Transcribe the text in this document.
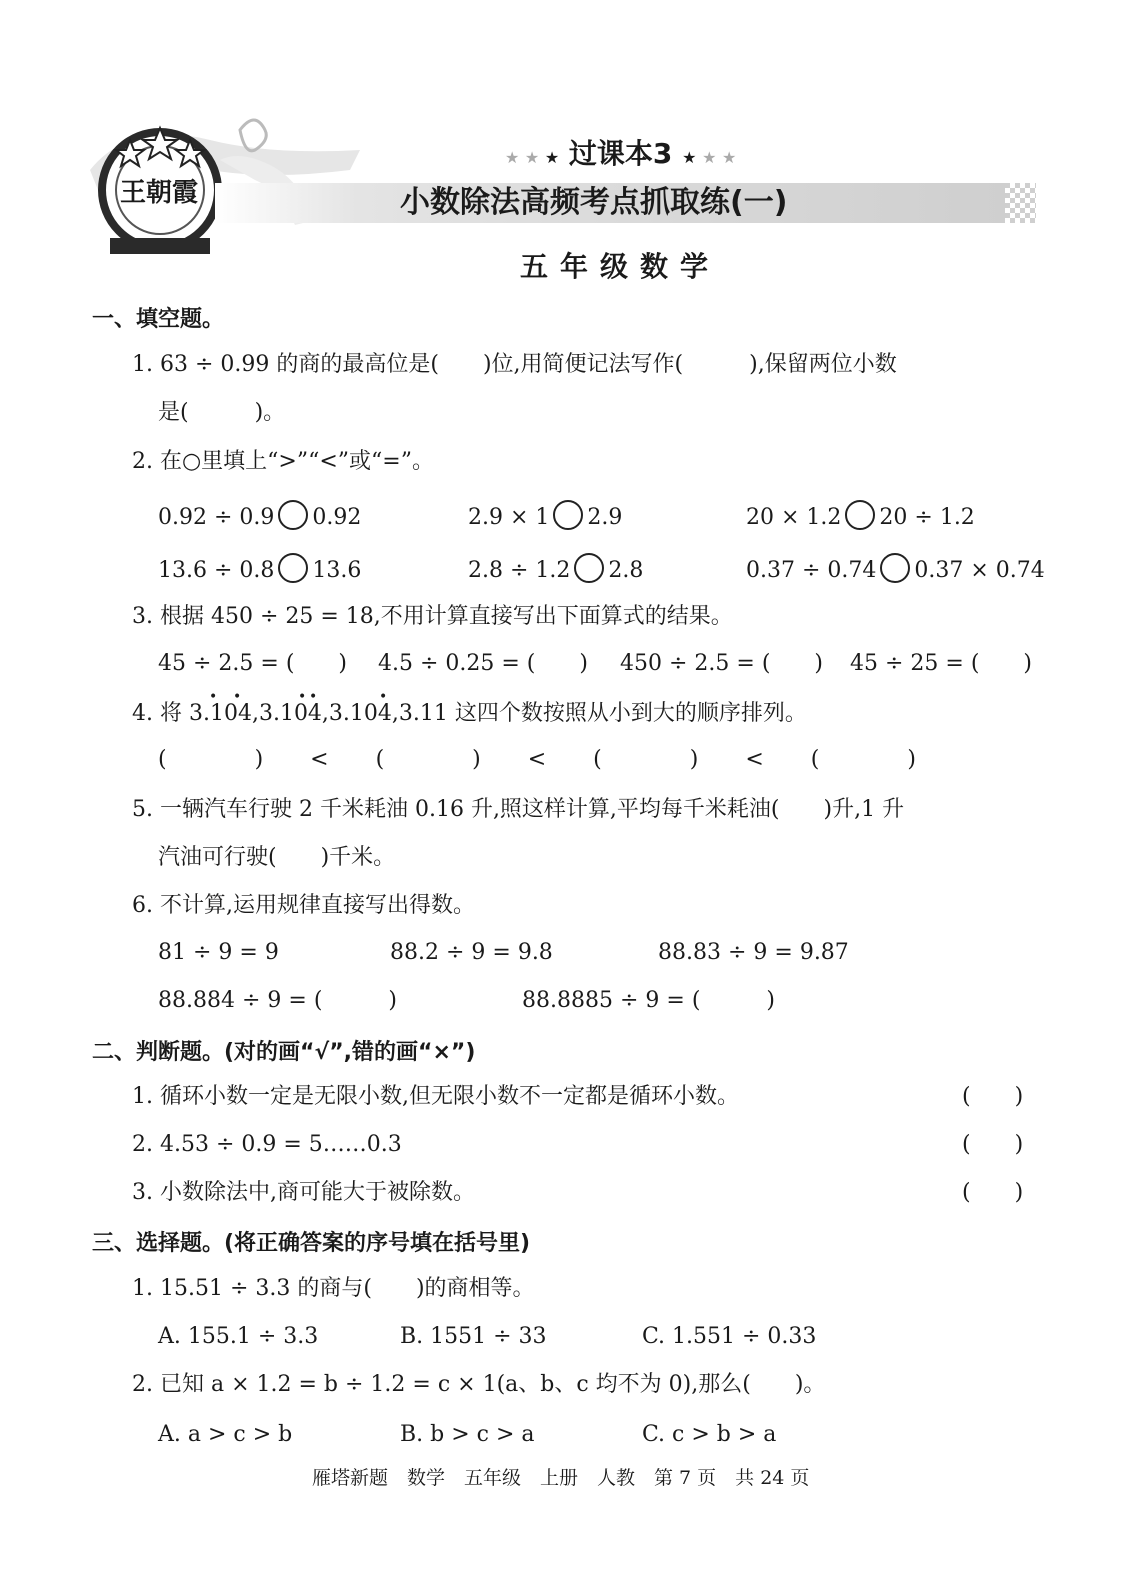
王朝霞
★ ★ ★ 过课本3 ★ ★ ★
小数除法高频考点抓取练(一)
五年级数学
一、填空题。
1. 63 ÷ 0.99 的商的最高位是(　　)位,用简便记法写作(　　　),保留两位小数
是(　　　)。
2. 在○里填上“>”“<”或“=”。
0.92 ÷ 0.9 0.92	2.9 × 1 2.9	20 × 1.2 20 ÷ 1.2
13.6 ÷ 0.8 13.6	2.8 ÷ 1.2 2.8	0.37 ÷ 0.74 0.37 × 0.74
3. 根据 450 ÷ 25 = 18,不用计算直接写出下面算式的结果。
45 ÷ 2.5 = (　　) 4.5 ÷ 0.25 = (　　) 450 ÷ 2.5 = (　　) 45 ÷ 25 = (　　)
4. 将 3.104,3.104,3.104,3.11 这四个数按照从小到大的顺序排列。
• •	• •	•
(　　　　) < (　　　　) < (　　　　) < (　　　　)
5. 一辆汽车行驶 2 千米耗油 0.16 升,照这样计算,平均每千米耗油(　　)升,1 升
汽油可行驶(　　)千米。
6. 不计算,运用规律直接写出得数。
81 ÷ 9 = 9	88.2 ÷ 9 = 9.8	88.83 ÷ 9 = 9.87
88.884 ÷ 9 = (　　　)	88.8885 ÷ 9 = (　　　)
二、判断题。(对的画“√”,错的画“×”)
1. 循环小数一定是无限小数,但无限小数不一定都是循环小数。	(　　)
2. 4.53 ÷ 0.9 = 5……0.3	(　　)
3. 小数除法中,商可能大于被除数。	(　　)
三、选择题。(将正确答案的序号填在括号里)
1. 15.51 ÷ 3.3 的商与(　　)的商相等。
A. 155.1 ÷ 3.3	B. 1551 ÷ 33	C. 1.551 ÷ 0.33
2. 已知 a × 1.2 = b ÷ 1.2 = c × 1(a、b、c 均不为 0),那么(　　)。
A. a > c > b	B. b > c > a	C. c > b > a
雁塔新题　数学　五年级　上册　人教　第 7 页　共 24 页
